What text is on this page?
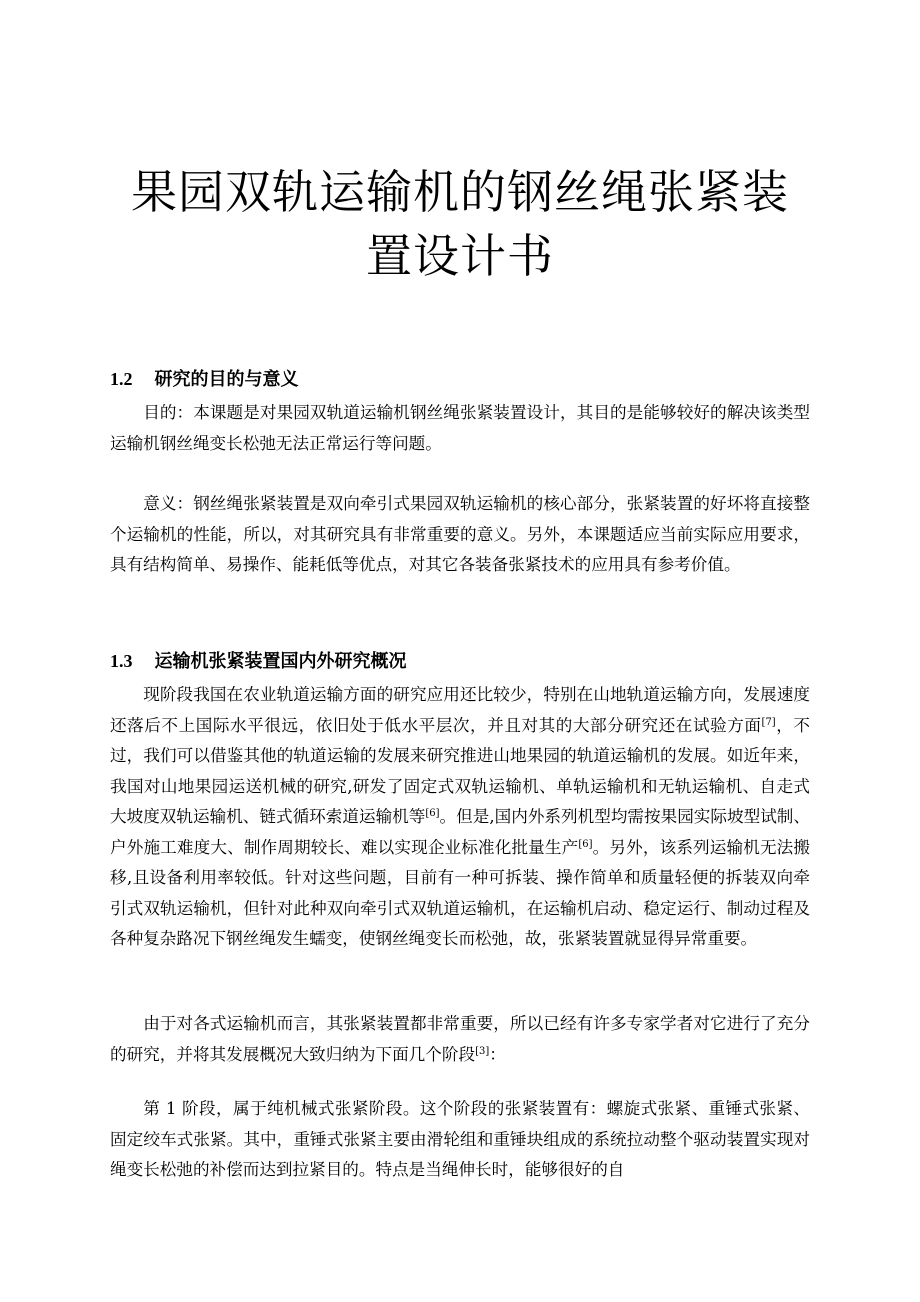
果园双轨运输机的钢丝绳张紧装置设计书
1.2 研究的目的与意义

目的：本课题是对果园双轨道运输机钢丝绳张紧装置设计，其目的是能够较好的解决该类型运输机钢丝绳变长松弛无法正常运行等问题。

意义：钢丝绳张紧装置是双向牵引式果园双轨运输机的核心部分，张紧装置的好坏将直接整个运输机的性能，所以，对其研究具有非常重要的意义。另外，本课题适应当前实际应用要求，具有结构简单、易操作、能耗低等优点，对其它各装备张紧技术的应用具有参考价值。

1.3 运输机张紧装置国内外研究概况

现阶段我国在农业轨道运输方面的研究应用还比较少，特别在山地轨道运输方向，发展速度还落后不上国际水平很远，依旧处于低水平层次，并且对其的大部分研究还在试验方面[7]，不过，我们可以借鉴其他的轨道运输的发展来研究推进山地果园的轨道运输机的发展。如近年来，我国对山地果园运送机械的研究,研发了固定式双轨运输机、单轨运输机和无轨运输机、自走式大坡度双轨运输机、链式循环索道运输机等[6]。但是,国内外系列机型均需按果园实际坡型试制、户外施工难度大、制作周期较长、难以实现企业标准化批量生产[6]。另外，该系列运输机无法搬移,且设备利用率较低。针对这些问题，目前有一种可拆装、操作简单和质量轻便的拆装双向牵引式双轨运输机，但针对此种双向牵引式双轨道运输机，在运输机启动、稳定运行、制动过程及各种复杂路况下钢丝绳发生蠕变，使钢丝绳变长而松弛，故，张紧装置就显得异常重要。

由于对各式运输机而言，其张紧装置都非常重要，所以已经有许多专家学者对它进行了充分的研究，并将其发展概况大致归纳为下面几个阶段[3]：

第 1 阶段，属于纯机械式张紧阶段。这个阶段的张紧装置有：螺旋式张紧、重锤式张紧、固定绞车式张紧。其中，重锤式张紧主要由滑轮组和重锤块组成的系统拉动整个驱动装置实现对绳变长松弛的补偿而达到拉紧目的。特点是当绳伸长时，能够很好的自
